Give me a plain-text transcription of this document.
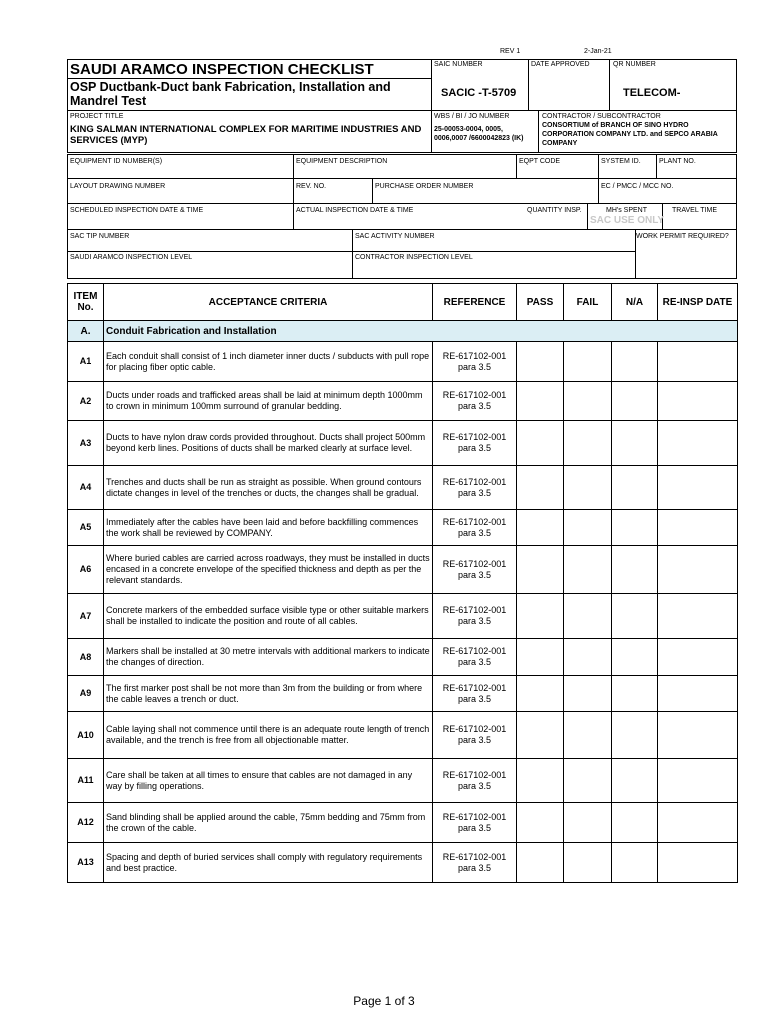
REV 1	2-Jan-21
SAUDI ARAMCO INSPECTION CHECKLIST
OSP Ductbank-Duct bank Fabrication, Installation and Mandrel Test
SAIC NUMBER
SACIC -T-5709
DATE APPROVED	QR NUMBER
TELECOM-
PROJECT TITLE
KING SALMAN INTERNATIONAL COMPLEX FOR MARITIME INDUSTRIES AND SERVICES (MYP)
WBS / BI / JO NUMBER
25-00053-0004, 0005, 0006,0007 /6600042823 (IK)
CONTRACTOR / SUBCONTRACTOR
CONSORTIUM of BRANCH OF SINO HYDRO CORPORATION COMPANY LTD. and SEPCO ARABIA COMPANY
EQUIPMENT ID NUMBER(S)	EQUIPMENT DESCRIPTION	EQPT CODE	SYSTEM ID.	PLANT NO.
LAYOUT DRAWING NUMBER	REV. NO.	PURCHASE ORDER NUMBER	EC / PMCC / MCC NO.
SCHEDULED INSPECTION DATE & TIME	ACTUAL INSPECTION DATE & TIME	QUANTITY INSP.	MH's SPENT	TRAVEL TIME
SAC USE ONLY
SAC TIP NUMBER	SAC ACTIVITY NUMBER	WORK PERMIT REQUIRED?
SAUDI ARAMCO INSPECTION LEVEL	CONTRACTOR INSPECTION LEVEL
ITEM No.	ACCEPTANCE CRITERIA	REFERENCE	PASS	FAIL	N/A	RE-INSP DATE
A.	Conduit Fabrication and Installation					
A1	Each conduit shall consist of 1 inch diameter inner ducts / subducts with pull rope for placing fiber optic cable.	RE-617102-001 para 3.5				
A2	Ducts under roads and trafficked areas shall be laid at minimum depth 1000mm to crown in minimum 100mm surround of granular bedding.	RE-617102-001 para 3.5				
A3	Ducts to have nylon draw cords provided throughout. Ducts shall project 500mm beyond kerb lines. Positions of ducts shall be marked clearly at surface level.	RE-617102-001 para 3.5				
A4	Trenches and ducts shall be run as straight as possible. When ground contours dictate changes in level of the trenches or ducts, the changes shall be gradual.	RE-617102-001 para 3.5				
A5	Immediately after the cables have been laid and before backfilling commences the work shall be reviewed by COMPANY.	RE-617102-001 para 3.5				
A6	Where buried cables are carried across roadways, they must be installed in ducts encased in a concrete envelope of the specified thickness and depth as per the relevant standards.	RE-617102-001 para 3.5				
A7	Concrete markers of the embedded surface visible type or other suitable markers shall be installed to indicate the position and route of all cables.	RE-617102-001 para 3.5				
A8	Markers shall be installed at 30 metre intervals with additional markers to indicate the changes of direction.	RE-617102-001 para 3.5				
A9	The first marker post shall be not more than 3m from the building or from where the cable leaves a trench or duct.	RE-617102-001 para 3.5				
A10	Cable laying shall not commence until there is an adequate route length of trench available, and the trench is free from all objectionable matter.	RE-617102-001 para 3.5				
A11	Care shall be taken at all times to ensure that cables are not damaged in any way by filling operations.	RE-617102-001 para 3.5				
A12	Sand blinding shall be applied around the cable, 75mm bedding and 75mm from the crown of the cable.	RE-617102-001 para 3.5				
A13	Spacing and depth of buried services shall comply with regulatory requirements and best practice.	RE-617102-001 para 3.5				
Page 1 of 3
